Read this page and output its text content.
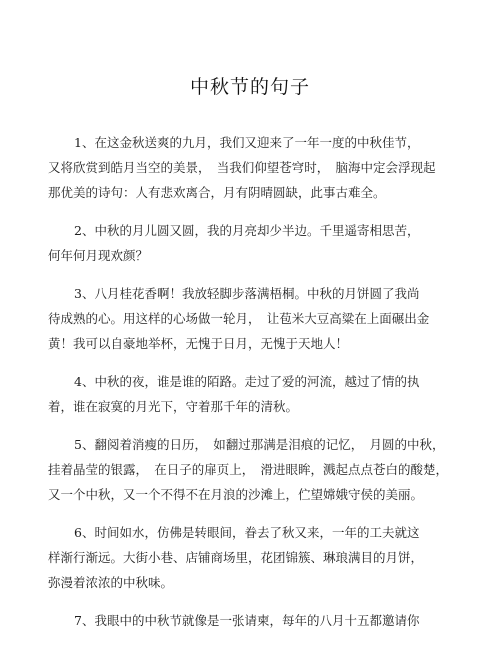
中秋节的句子
1、在这金秋送爽的九月，我们又迎来了一年一度的中秋佳节，
又将欣赏到皓月当空的美景，　当我们仰望苍穹时，　脑海中定会浮现起
那优美的诗句：人有悲欢离合，月有阴晴圆缺，此事古难全。
2、中秋的月儿圆又圆，我的月亮却少半边。千里遥寄相思苦，
何年何月现欢颜？
3、八月桂花香啊！我放轻脚步落满梧桐。中秋的月饼圆了我尚
待成熟的心。用这样的心场做一轮月，　让苞米大豆高粱在上面碾出金
黄！我可以自豪地举杯，无愧于日月，无愧于天地人！
4、中秋的夜，谁是谁的陌路。走过了爱的河流，越过了情的执
着，谁在寂寞的月光下，守着那千年的清秋。
5、翻阅着消瘦的日历，　如翻过那满是泪痕的记忆，　月圆的中秋，
挂着晶莹的银露，　在日子的扉页上，　滑进眼眸，溅起点点苍白的酸楚，
又一个中秋，又一个不得不在月浪的沙滩上，伫望嫦娥守侯的美丽。
6、时间如水，仿佛是转眼间，眷去了秋又来，一年的工夫就这
样渐行渐远。大街小巷、店铺商场里，花团锦簇、琳琅满目的月饼，
弥漫着浓浓的中秋味。
7、我眼中的中秋节就像是一张请柬，每年的八月十五都邀请你
